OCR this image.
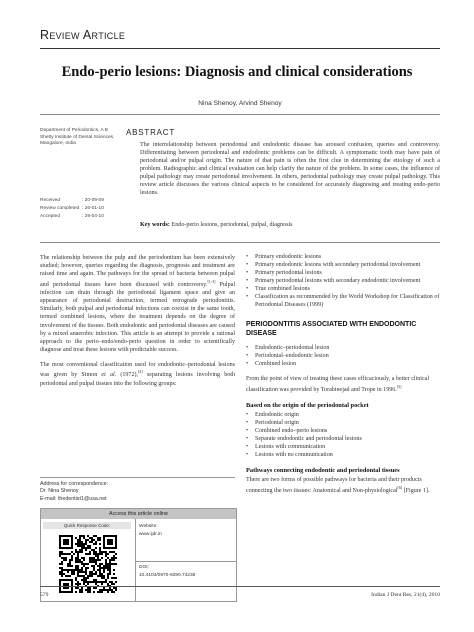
Review Article
Endo-perio lesions: Diagnosis and clinical considerations
Nina Shenoy, Arvind Shenoy
Department of Periodontics, A B Shetty Institute of Dental Sciences, Mangalore, India
Received	: 20-09-09
Review completed : 26-01-10
Accepted	: 29-04-10
ABSTRACT
The interrelationship between periodontal and endodontic disease has aroused confusion, queries and controversy. Differentiating between periodontal and endodontic problems can be difficult. A symptomatic tooth may have pain of periodontal and/or pulpal origin. The nature of that pain is often the first clue in determining the etiology of such a problem. Radiographic and clinical evaluation can help clarify the nature of the problem. In some cases, the influence of pulpal pathology may create periodontal involvement. In others, periodontal pathology may create pulpal pathology. This review article discusses the various clinical aspects to be considered for accurately diagnosing and treating endo-perio lesions.
Key words: Endo-perio lesions, periodontal, pulpal, diagnosis

The relationship between the pulp and the periodontium has been extensively studied; however, queries regarding the diagnosis, prognosis and treatment are raised time and again. The pathways for the spread of bacteria between pulpal and periodontal tissues have been discussed with controversy.[1-3] Pulpal infection can drain through the periodontal ligament space and give an appearance of periodontal destruction, termed retrograde periodontitis. Similarly, both pulpal and periodontal infections can coexist in the same tooth, termed combined lesions, where the treatment depends on the degree of involvement of the tissues. Both endodontic and periodontal diseases are caused by a mixed anaerobic infection. This article is an attempt to provide a rational approach to the perio–endo/endo-perio question in order to scientifically diagnose and treat these lesions with predictable success.

The most conventional classification used for endodontic–periodontal lesions was given by Simon et al. (1972),[4] separating lesions involving both periodontal and pulpal tissues into the following groups:

Address for correspondence:
Dr. Nina Shenoy
E-mail: thedentist1@usa.net
Access this article online
Quick Response Code:	Website:
www.ijdr.in
DOI:
10.4103/0970-9290.74238
• Primary endodontic lesions
• Primary endodontic lesions with secondary periodontal involvement
• Primary periodontal lesions
• Primary periodontal lesions with secondary endodontic involvement
• True combined lesions
• Classification as recommended by the World Workshop for Classification of Periodontal Diseases (1999)
PERIODONTITIS ASSOCIATED WITH ENDODONTIC DISEASE
• Endodontic–periodontal lesion
• Periodontal–endodontic lesion
• Combined lesion

From the point of view of treating these cases efficaciously, a better clinical classification was provided by Torabinejad and Trope in 1996.[5]

Based on the origin of the periodontal pocket
• Endodontic origin
• Periodontal origin
• Combined endo–perio lesions
• Separate endodontic and periodontal lesions
• Lesions with communication
• Lesions with no communication
Pathways connecting endodontic and periodontal tissues

There are two forms of possible pathways for bacteria and their products connecting the two tissues: Anatomical and Non-physiological[6] [Figure 1].

579	Indian J Dent Res, 21(4), 2010
